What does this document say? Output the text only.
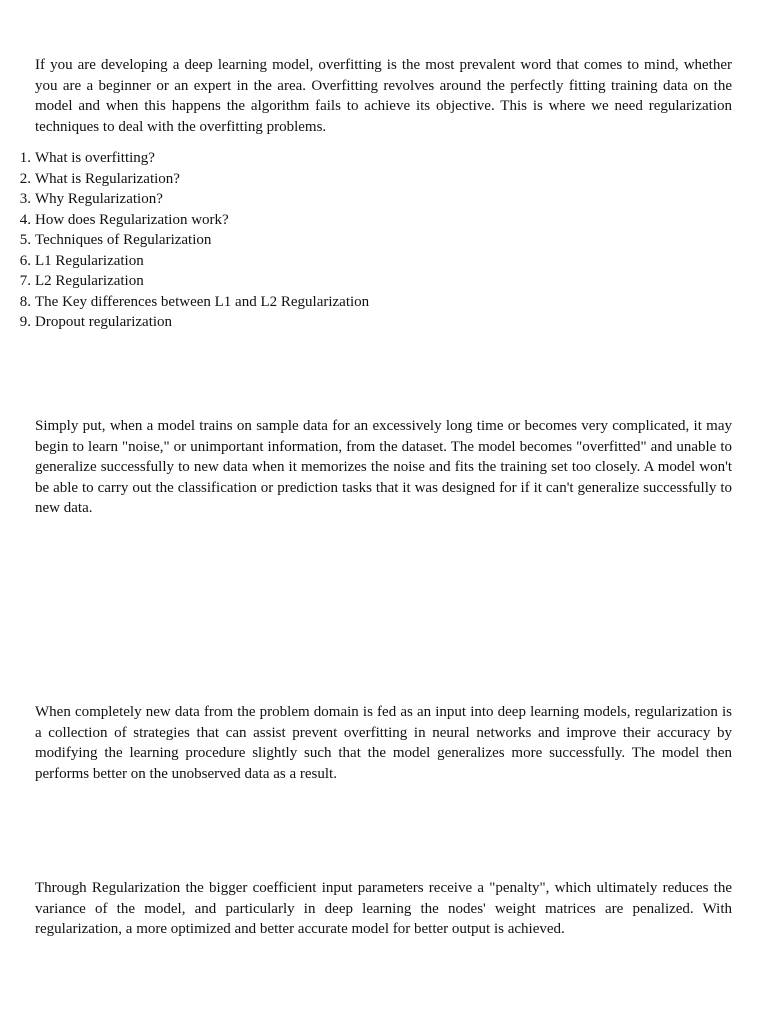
If you are developing a deep learning model, overfitting is the most prevalent word that comes to mind, whether you are a beginner or an expert in the area. Overfitting revolves around the perfectly fitting training data on the model and when this happens the algorithm fails to achieve its objective. This is where we need regularization techniques to deal with the overfitting problems.

1. What is overfitting?
2. What is Regularization?
3. Why Regularization?
4. How does Regularization work?
5. Techniques of Regularization
6. L1 Regularization
7. L2 Regularization
8. The Key differences between L1 and L2 Regularization
9. Dropout regularization

Simply put, when a model trains on sample data for an excessively long time or becomes very complicated, it may begin to learn "noise," or unimportant information, from the dataset. The model becomes "overfitted" and unable to generalize successfully to new data when it memorizes the noise and fits the training set too closely. A model won't be able to carry out the classification or prediction tasks that it was designed for if it can't generalize successfully to new data.

When completely new data from the problem domain is fed as an input into deep learning models, regularization is a collection of strategies that can assist prevent overfitting in neural networks and improve their accuracy by modifying the learning procedure slightly such that the model generalizes more successfully. The model then performs better on the unobserved data as a result.

Through Regularization the bigger coefficient input parameters receive a "penalty", which ultimately reduces the variance of the model, and particularly in deep learning the nodes' weight matrices are penalized. With regularization, a more optimized and better accurate model for better output is achieved.
